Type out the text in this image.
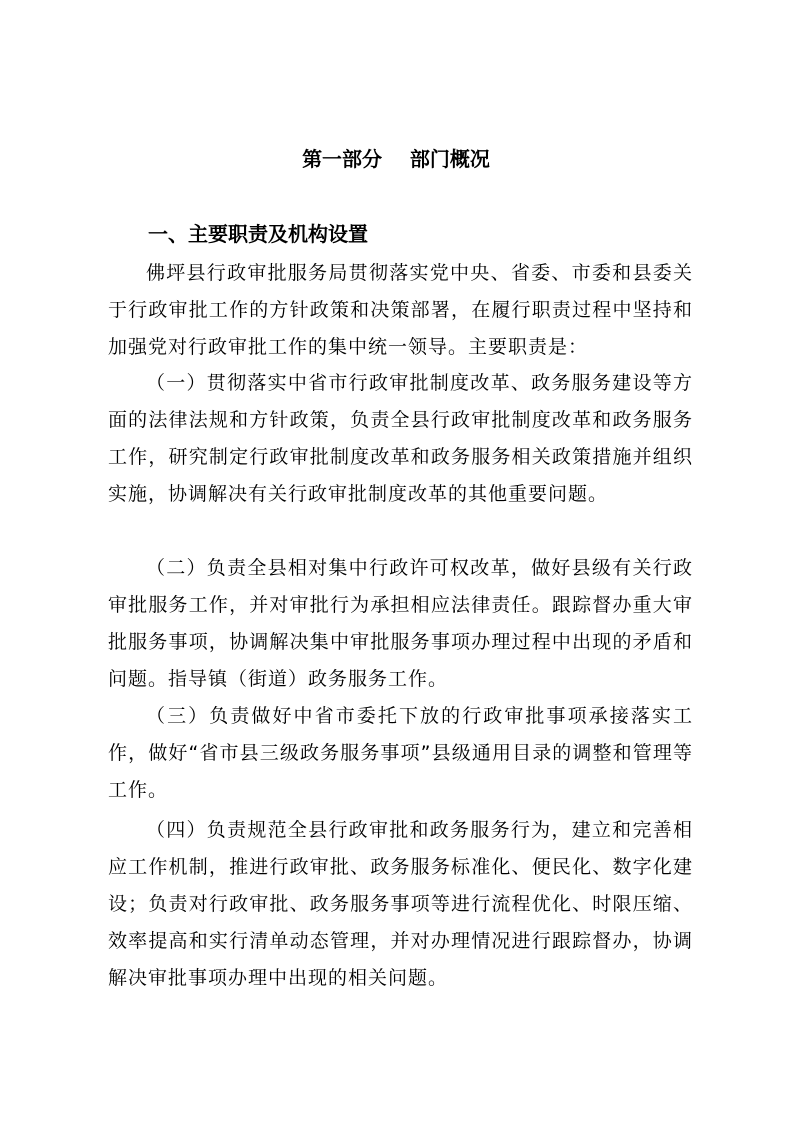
第一部分    部门概况
一、主要职责及机构设置

佛坪县行政审批服务局贯彻落实党中央、省委、市委和县委关于行政审批工作的方针政策和决策部署，在履行职责过程中坚持和加强党对行政审批工作的集中统一领导。主要职责是：

（一）贯彻落实中省市行政审批制度改革、政务服务建设等方面的法律法规和方针政策，负责全县行政审批制度改革和政务服务工作，研究制定行政审批制度改革和政务服务相关政策措施并组织实施，协调解决有关行政审批制度改革的其他重要问题。

（二）负责全县相对集中行政许可权改革，做好县级有关行政审批服务工作，并对审批行为承担相应法律责任。跟踪督办重大审批服务事项，协调解决集中审批服务事项办理过程中出现的矛盾和问题。指导镇（街道）政务服务工作。

（三）负责做好中省市委托下放的行政审批事项承接落实工作，做好“省市县三级政务服务事项”县级通用目录的调整和管理等工作。

（四）负责规范全县行政审批和政务服务行为，建立和完善相应工作机制，推进行政审批、政务服务标准化、便民化、数字化建设；负责对行政审批、政务服务事项等进行流程优化、时限压缩、效率提高和实行清单动态管理，并对办理情况进行跟踪督办，协调解决审批事项办理中出现的相关问题。
